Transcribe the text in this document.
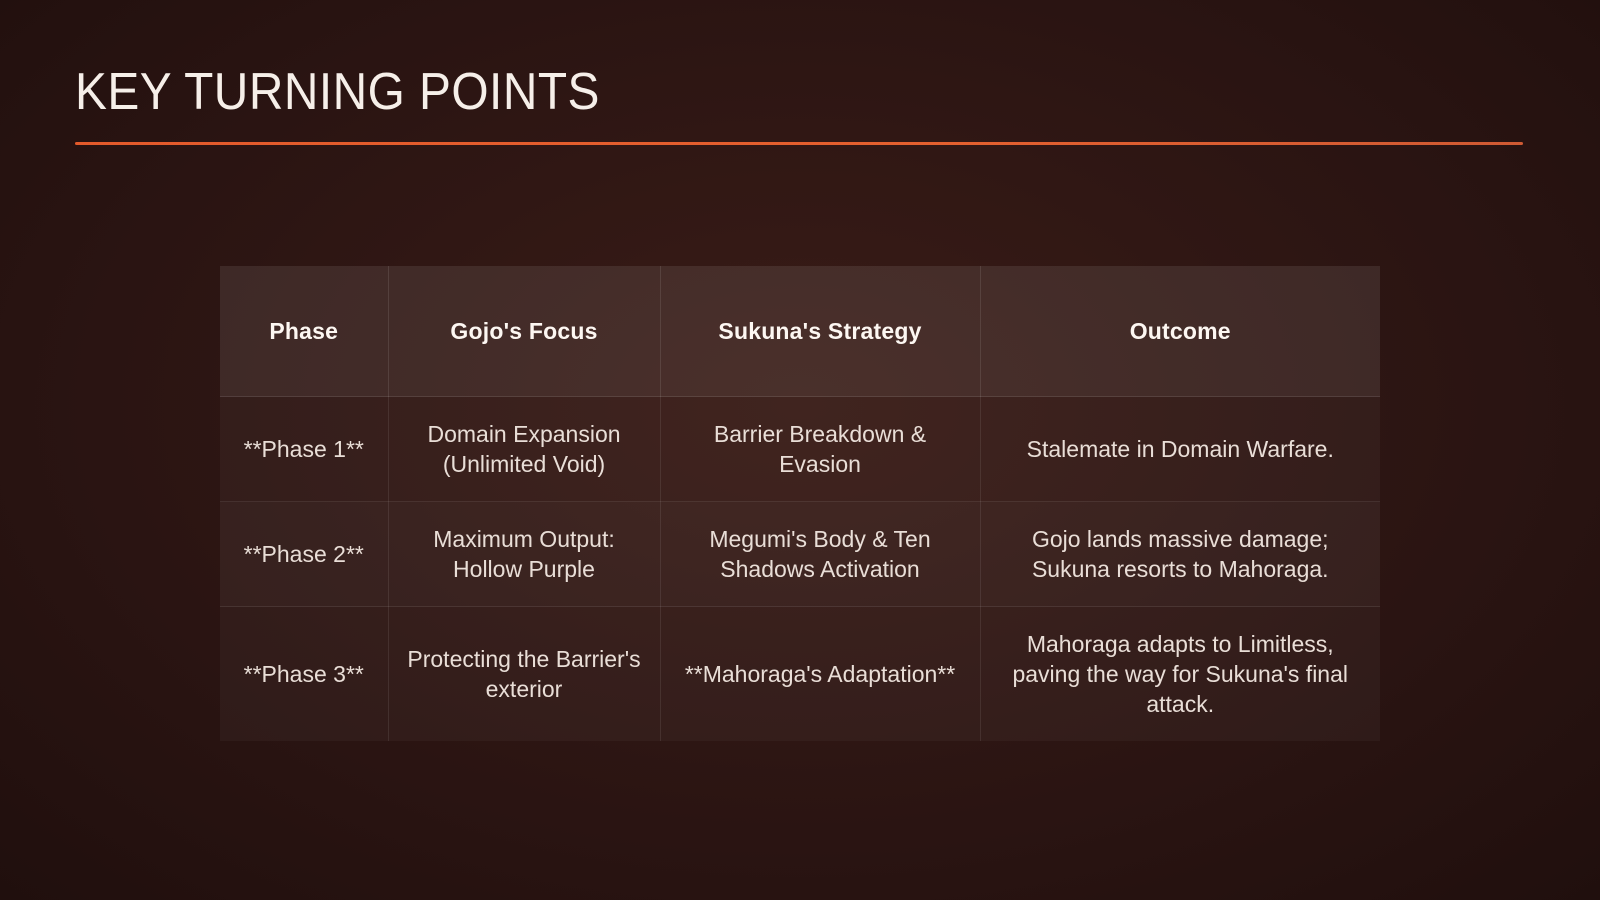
KEY TURNING POINTS
Phase	Gojo's Focus	Sukuna's Strategy	Outcome
**Phase 1**	Domain Expansion (Unlimited Void)	Barrier Breakdown & Evasion	Stalemate in Domain Warfare.
**Phase 2**	Maximum Output: Hollow Purple	Megumi's Body & Ten Shadows Activation	Gojo lands massive damage; Sukuna resorts to Mahoraga.
**Phase 3**	Protecting the Barrier's exterior	**Mahoraga's Adaptation**	Mahoraga adapts to Limitless, paving the way for Sukuna's final attack.
